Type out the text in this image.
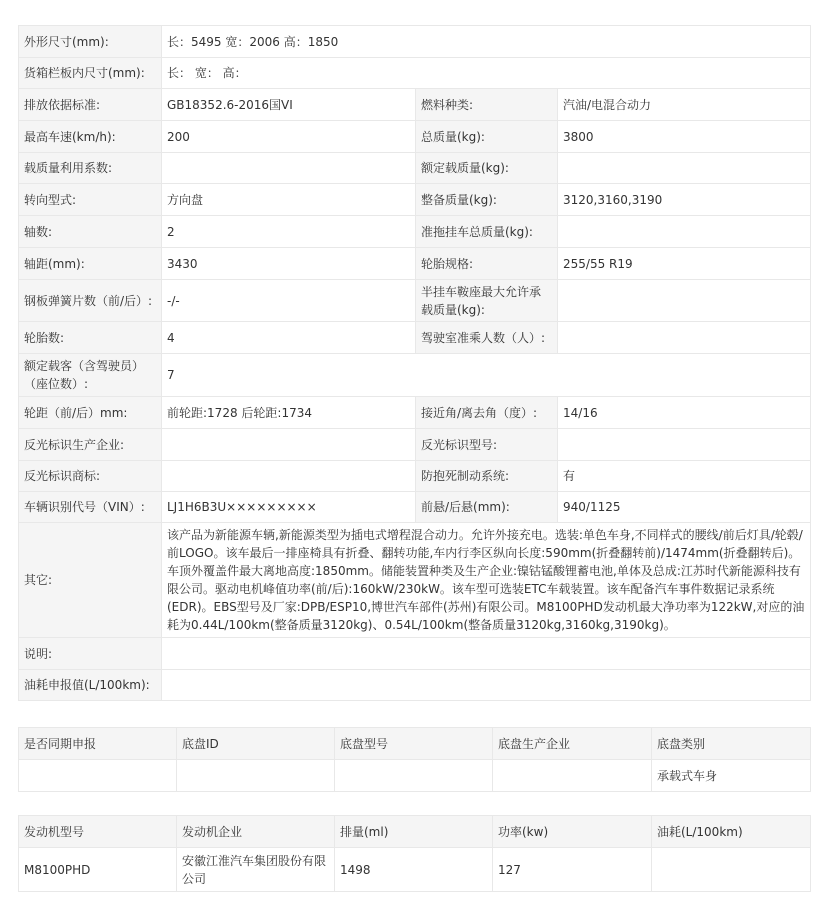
外形尺寸(mm):	长：5495 宽：2006 高：1850		
货箱栏板内尺寸(mm):	长： 宽： 高：		
排放依据标准:	GB18352.6-2016国VI	燃料种类:	汽油/电混合动力
最高车速(km/h):	200	总质量(kg):	3800
载质量利用系数:		额定载质量(kg):	
转向型式:	方向盘	整备质量(kg):	3120,3160,3190
轴数:	2	准拖挂车总质量(kg):	
轴距(mm):	3430	轮胎规格:	255/55 R19
钢板弹簧片数（前/后）:	-/-	半挂车鞍座最大允许承载质量(kg):	
轮胎数:	4	驾驶室准乘人数（人）:	
额定载客（含驾驶员）（座位数）:	7		
轮距（前/后）mm:	前轮距:1728 后轮距:1734	接近角/离去角（度）:	14/16
反光标识生产企业:		反光标识型号:	
反光标识商标:		防抱死制动系统:	有
车辆识别代号（VIN）:	LJ1H6B3U×××××××××	前悬/后悬(mm):	940/1125
其它:	该产品为新能源车辆,新能源类型为插电式增程混合动力。允许外接充电。选装:单色车身,不同样式的腰线/前后灯具/轮毂/前LOGO。该车最后一排座椅具有折叠、翻转功能,车内行李区纵向长度:590mm(折叠翻转前)/1474mm(折叠翻转后)。车顶外覆盖件最大离地高度:1850mm。储能装置种类及生产企业:镍钴锰酸锂蓄电池,单体及总成:江苏时代新能源科技有限公司。驱动电机峰值功率(前/后):160kW/230kW。该车型可选装ETC车载装置。该车配备汽车事件数据记录系统(EDR)。EBS型号及厂家:DPB/ESP10,博世汽车部件(苏州)有限公司。M8100PHD发动机最大净功率为122kW,对应的油耗为0.44L/100km(整备质量3120kg)、0.54L/100km(整备质量3120kg,3160kg,3190kg)。		
说明:			
油耗申报值(L/100km):			
是否同期申报	底盘ID	底盘型号	底盘生产企业	底盘类别
				承载式车身
发动机型号	发动机企业	排量(ml)	功率(kw)	油耗(L/100km)
M8100PHD	安徽江淮汽车集团股份有限公司	1498	127	
